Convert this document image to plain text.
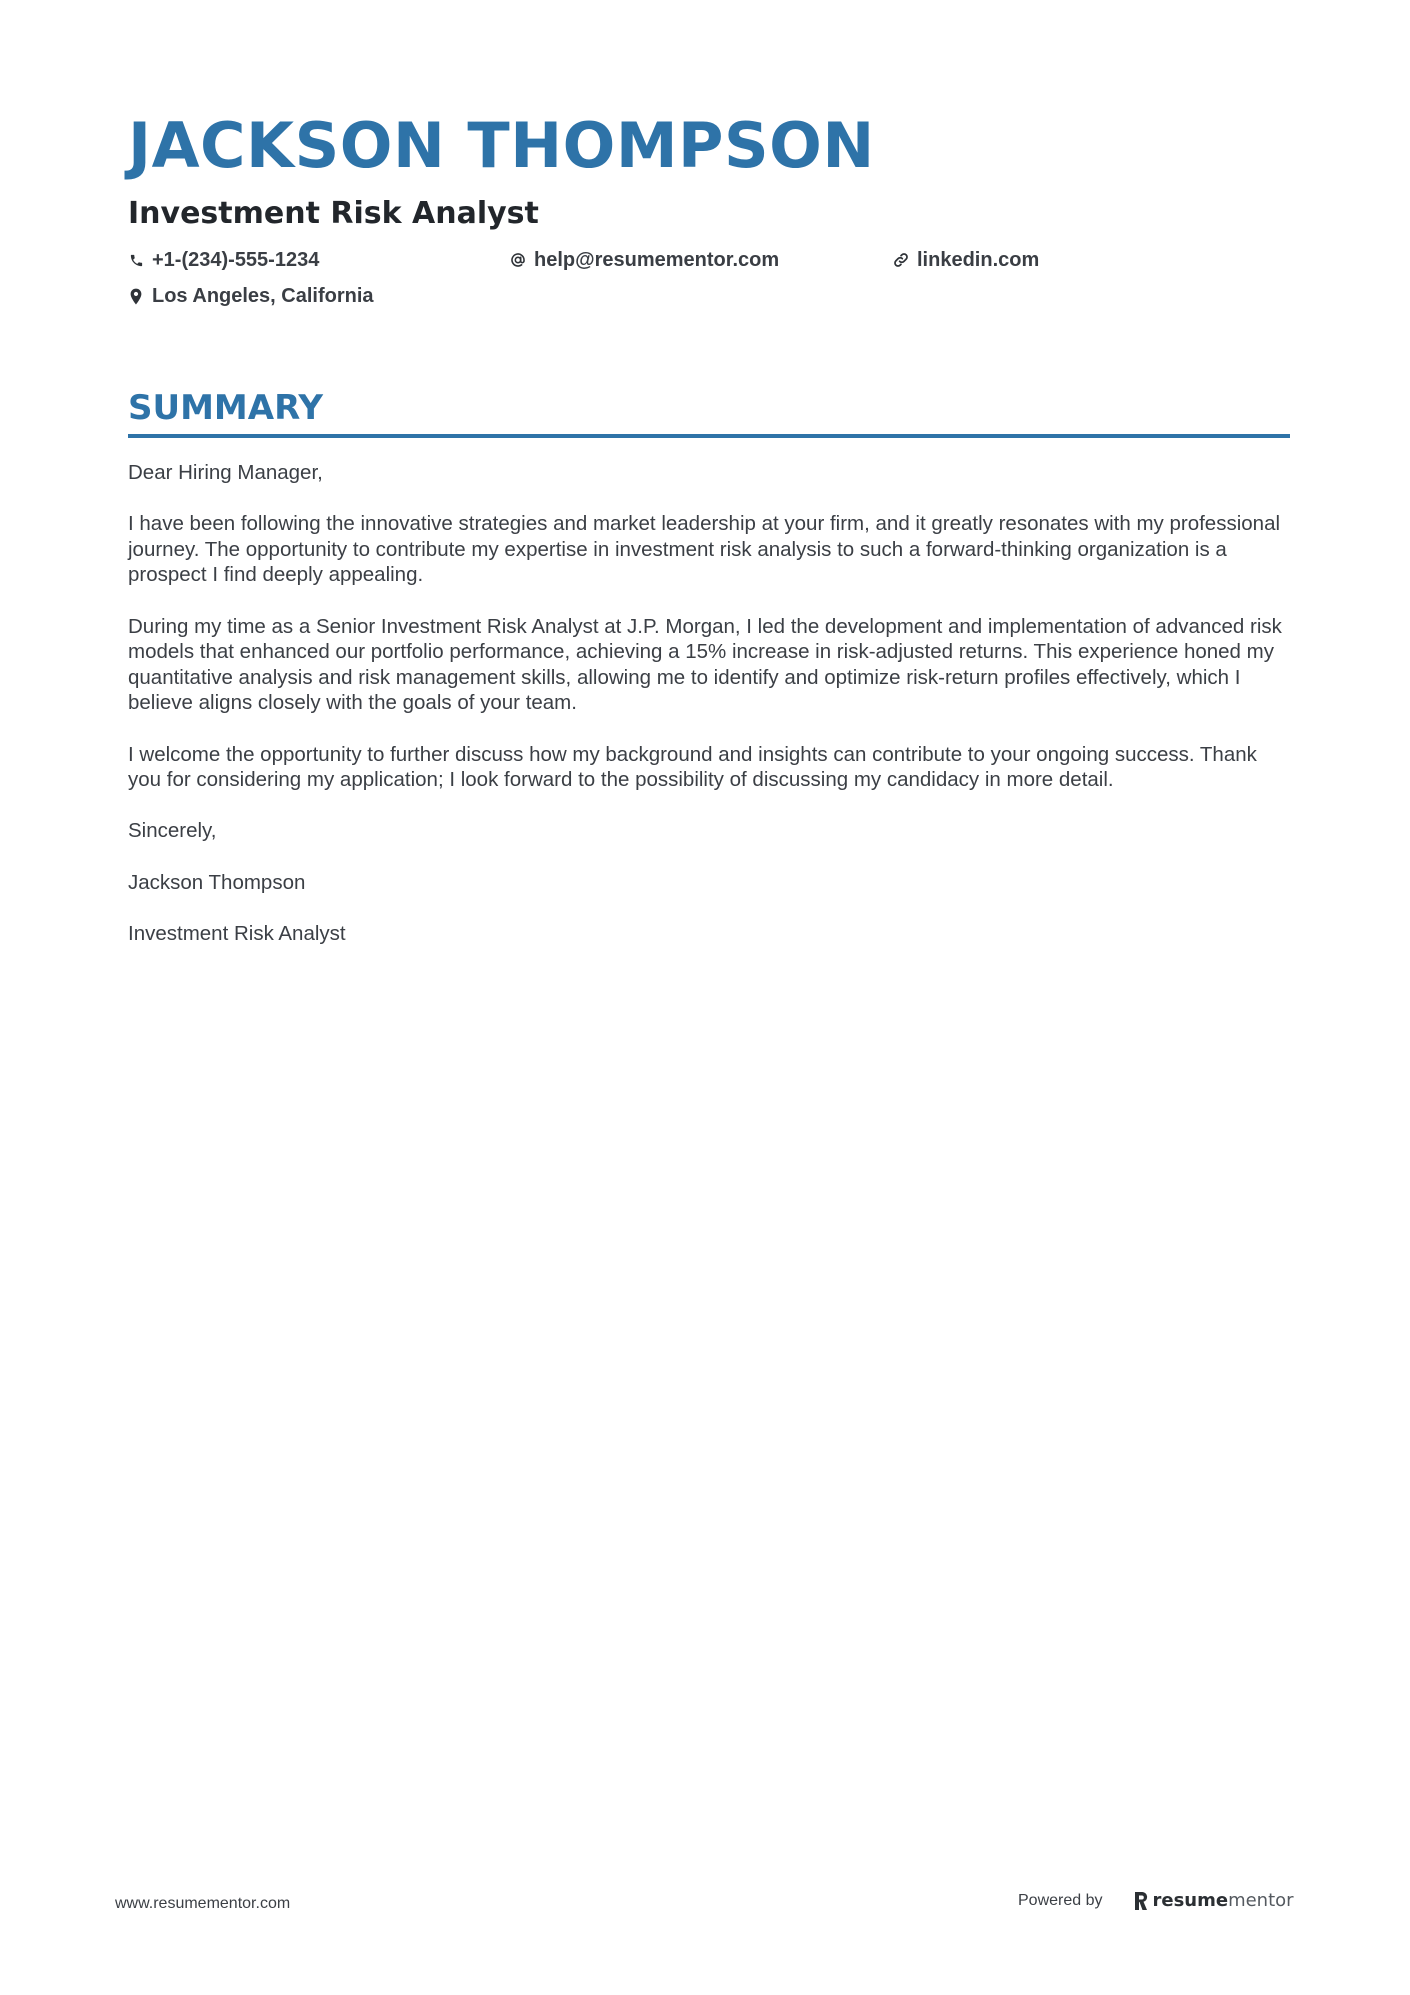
JACKSON THOMPSON
Investment Risk Analyst
+1-(234)-555-1234	help@resumementor.com	linkedin.com
Los Angeles, California
SUMMARY

Dear Hiring Manager,

I have been following the innovative strategies and market leadership at your firm, and it greatly resonates with my professional journey. The opportunity to contribute my expertise in investment risk analysis to such a forward-thinking organization is a prospect I find deeply appealing.

During my time as a Senior Investment Risk Analyst at J.P. Morgan, I led the development and implementation of advanced risk models that enhanced our portfolio performance, achieving a 15% increase in risk-adjusted returns. This experience honed my quantitative analysis and risk management skills, allowing me to identify and optimize risk-return profiles effectively, which I believe aligns closely with the goals of your team.

I welcome the opportunity to further discuss how my background and insights can contribute to your ongoing success. Thank you for considering my application; I look forward to the possibility of discussing my candidacy in more detail.

Sincerely,

Jackson Thompson

Investment Risk Analyst

www.resumementor.com	Powered by	resume mentor
